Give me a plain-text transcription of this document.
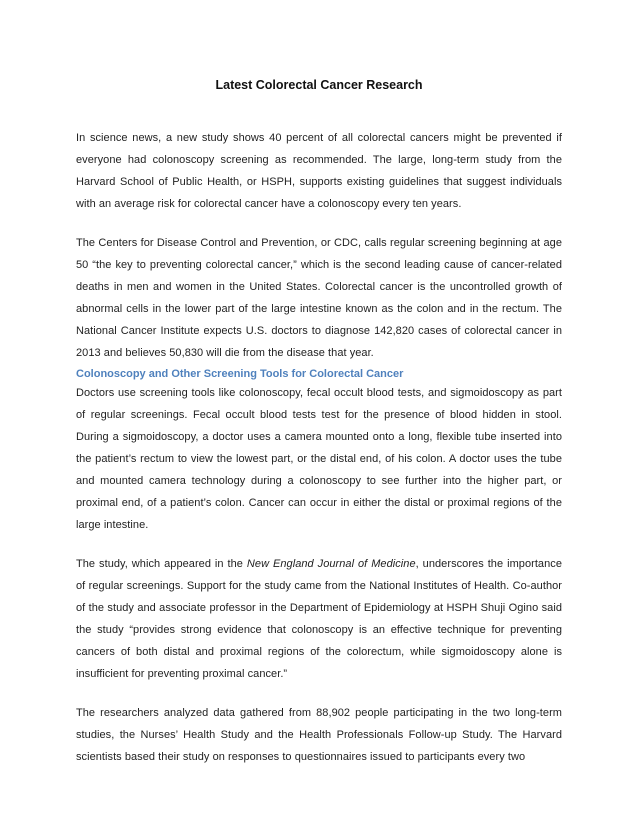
Latest Colorectal Cancer Research

In science news, a new study shows 40 percent of all colorectal cancers might be prevented if everyone had colonoscopy screening as recommended. The large, long-term study from the Harvard School of Public Health, or HSPH, supports existing guidelines that suggest individuals with an average risk for colorectal cancer have a colonoscopy every ten years.

The Centers for Disease Control and Prevention, or CDC, calls regular screening beginning at age 50 “the key to preventing colorectal cancer,” which is the second leading cause of cancer-related deaths in men and women in the United States. Colorectal cancer is the uncontrolled growth of abnormal cells in the lower part of the large intestine known as the colon and in the rectum. The National Cancer Institute expects U.S. doctors to diagnose 142,820 cases of colorectal cancer in 2013 and believes 50,830 will die from the disease that year.

Colonoscopy and Other Screening Tools for Colorectal Cancer

Doctors use screening tools like colonoscopy, fecal occult blood tests, and sigmoidoscopy as part of regular screenings. Fecal occult blood tests test for the presence of blood hidden in stool. During a sigmoidoscopy, a doctor uses a camera mounted onto a long, flexible tube inserted into the patient’s rectum to view the lowest part, or the distal end, of his colon. A doctor uses the tube and mounted camera technology during a colonoscopy to see further into the higher part, or proximal end, of a patient’s colon. Cancer can occur in either the distal or proximal regions of the large intestine.

The study, which appeared in the New England Journal of Medicine, underscores the importance of regular screenings. Support for the study came from the National Institutes of Health. Co-author of the study and associate professor in the Department of Epidemiology at HSPH Shuji Ogino said the study “provides strong evidence that colonoscopy is an effective technique for preventing cancers of both distal and proximal regions of the colorectum, while sigmoidoscopy alone is insufficient for preventing proximal cancer.”

The researchers analyzed data gathered from 88,902 people participating in the two long-term studies, the Nurses’ Health Study and the Health Professionals Follow-up Study. The Harvard scientists based their study on responses to questionnaires issued to participants every two
